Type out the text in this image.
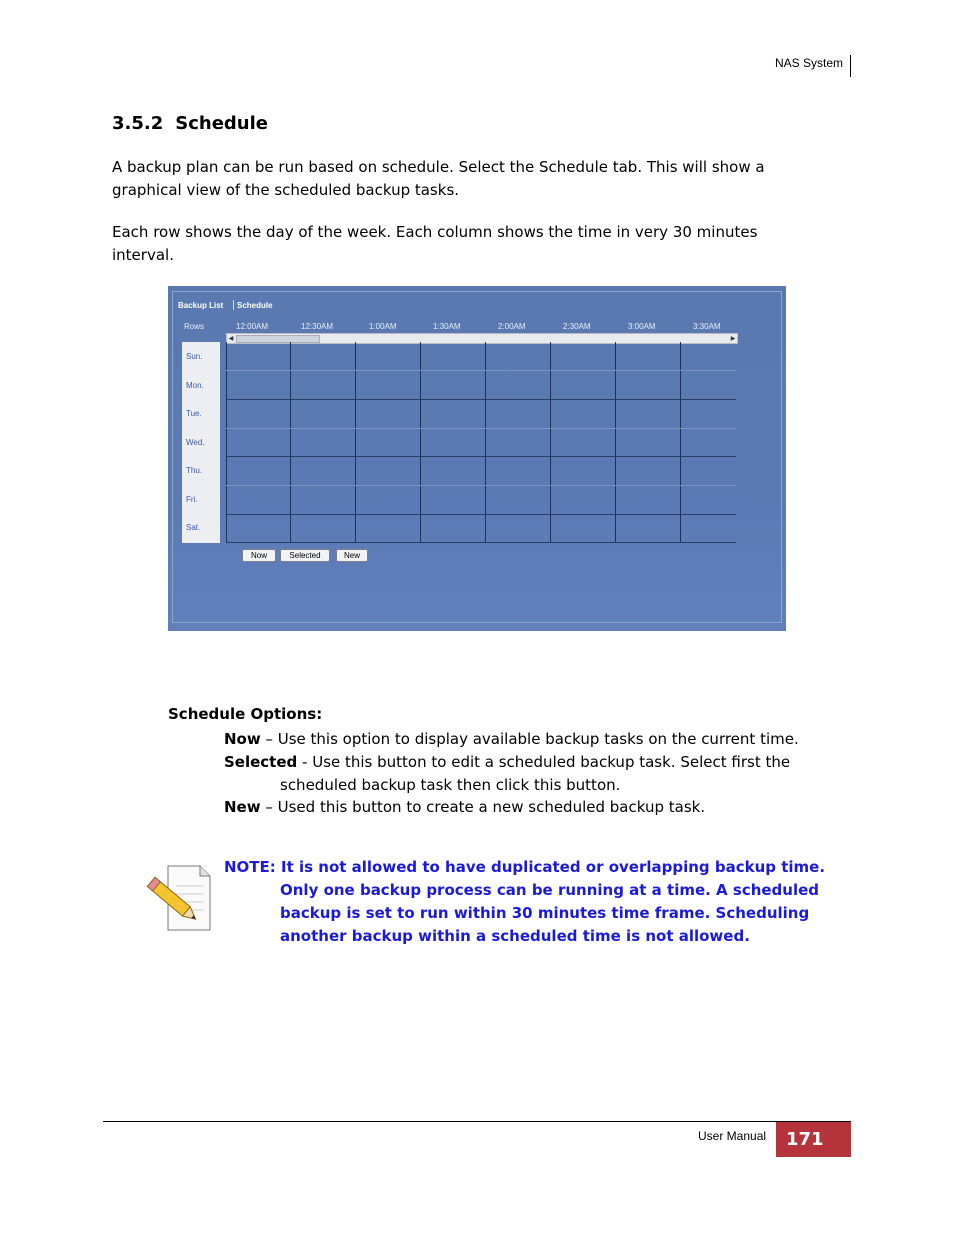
NAS System
3.5.2 Schedule
A backup plan can be run based on schedule. Select the Schedule tab. This will show a
graphical view of the scheduled backup tasks.
Each row shows the day of the week. Each column shows the time in very 30 minutes
interval.
Backup List Schedule
Rows	12:00AM	12:30AM	1:00AM	1:30AM	2:00AM	2:30AM	3:00AM	3:30AM
◀	▶
Sun.
Mon.
Tue.
Wed.
Thu.
Fri.
Sat.
Now	Selected	New
Schedule Options:
Now – Use this option to display available backup tasks on the current time.
Selected - Use this button to edit a scheduled backup task. Select first the
scheduled backup task then click this button.
New – Used this button to create a new scheduled backup task.
NOTE: It is not allowed to have duplicated or overlapping backup time.
Only one backup process can be running at a time. A scheduled
backup is set to run within 30 minutes time frame. Scheduling
another backup within a scheduled time is not allowed.
User Manual	171
